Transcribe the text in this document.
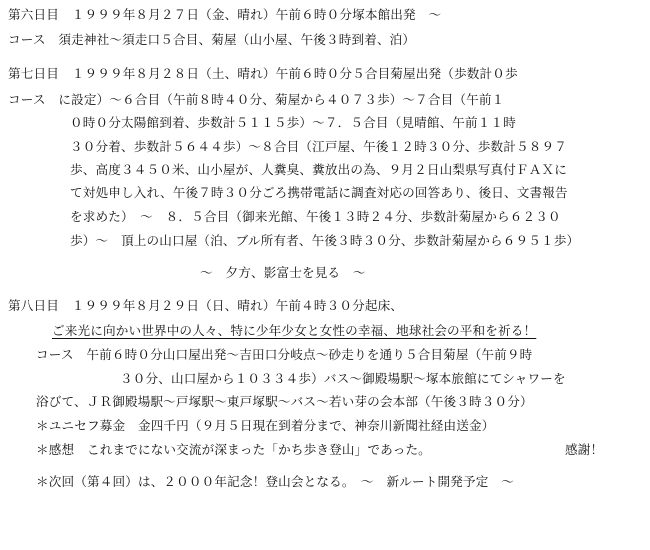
第六日目　１９９９年８月２７日（金、晴れ）午前６時０分塚本館出発　〜
コース　須走神社〜須走口５合目、菊屋（山小屋、午後３時到着、泊）
第七日目　１９９９年８月２８日（土、晴れ）午前６時０分５合目菊屋出発（歩数計０歩
コース　に設定）〜６合目（午前８時４０分、菊屋から４０７３歩）〜７合目（午前１
０時０分太陽館到着、歩数計５１１５歩）〜７．５合目（見晴館、午前１１時
３０分着、歩数計５６４４歩）〜８合目（江戸屋、午後１２時３０分、歩数計５８９７
歩、高度３４５０米、山小屋が、人糞臭、糞放出の為、９月２日山梨県写真付ＦＡＸに
て対処申し入れ、午後７時３０分ごろ携帯電話に調査対応の回答あり、後日、文書報告
を求めた）　〜　８．５合目（御来光館、午後１３時２４分、歩数計菊屋から６２３０
歩）〜　頂上の山口屋（泊、ブル所有者、午後３時３０分、歩数計菊屋から６９５１歩）
〜　夕方、影富士を見る　〜
第八日目　１９９９年８月２９日（日、晴れ）午前４時３０分起床、
ご来光に向かい世界中の人々、特に少年少女と女性の幸福、地球社会の平和を祈る！
コース　午前６時０分山口屋出発〜吉田口分岐点〜砂走りを通り５合目菊屋（午前９時
３０分、山口屋から１０３３４歩）バス〜御殿場駅〜塚本旅館にてシャワーを
浴びて、ＪＲ御殿場駅〜戸塚駅〜東戸塚駅〜バス〜若い芽の会本部（午後３時３０分）
＊ユニセフ募金　金四千円（９月５日現在到着分まで、神奈川新聞社経由送金）
＊感想　これまでにない交流が深まった「かち歩き登山」であった。	感謝！
＊次回（第４回）は、２０００年記念！登山会となる。　〜　新ルート開発予定　〜
